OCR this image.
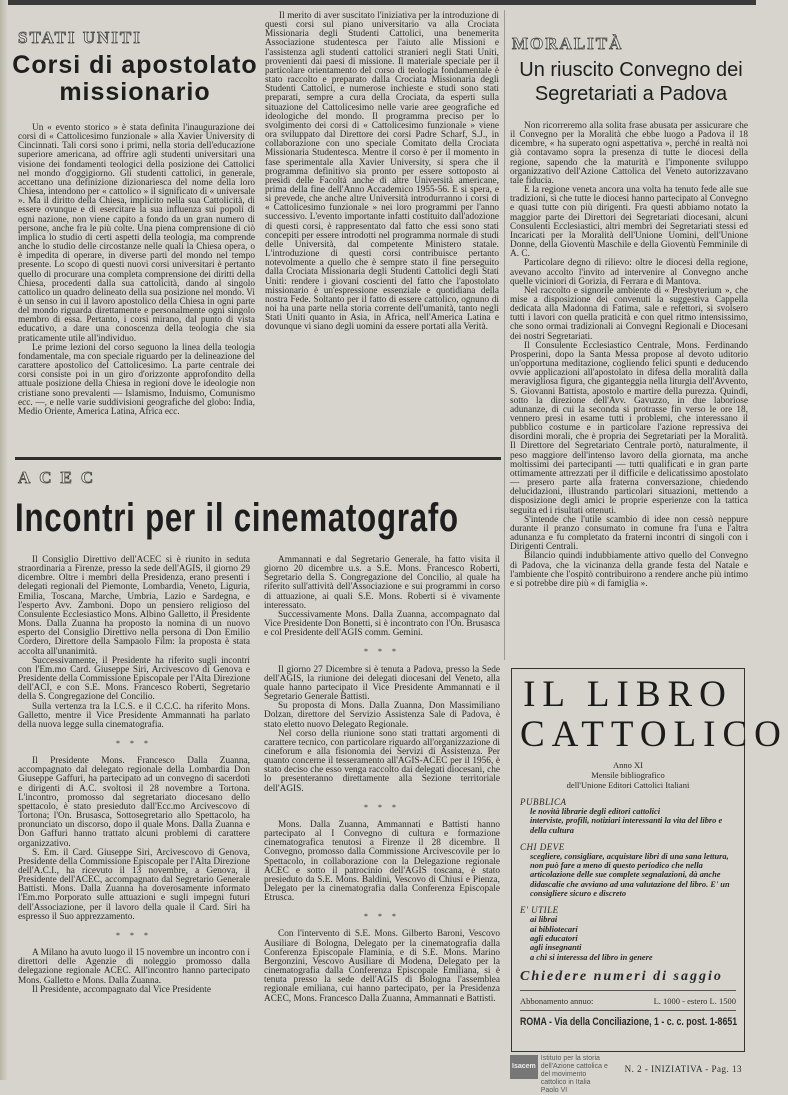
STATI UNITI
Corsi di apostolato
missionario

Un « evento storico » è stata definita l'inaugurazione dei corsi di « Cattolicesimo funzionale » alla Xavier University di Cincinnati. Tali corsi sono i primi, nella storia dell'educazione superiore americana, ad offrire agli studenti universitari una visione dei fondamenti teologici della posizione dei Cattolici nel mondo d'oggigiorno. Gli studenti cattolici, in generale, accettano una definizione dizionariesca del nome della loro Chiesa, intendono per « cattolico » il significato di « universale ». Ma il diritto della Chiesa, implicito nella sua Cattolicità, di essere ovunque e di esercitare la sua influenza sui popoli di ogni nazione, non viene capito a fondo da un gran numero di persone, anche fra le più colte. Una piena comprensione di ciò implica lo studio di certi aspetti della teologia, ma comprende anche lo studio delle circostanze nelle quali la Chiesa opera, o è impedita di operare, in diverse parti del mondo nel tempo presente. Lo scopo di questi nuovi corsi universitari è pertanto quello di procurare una completa comprensione dei diritti della Chiesa, procedenti dalla sua cattolicità, dando al singolo cattolico un quadro delineato della sua posizione nel mondo. Vi è un senso in cui il lavoro apostolico della Chiesa in ogni parte del mondo riguarda direttamente e personalmente ogni singolo membro di essa. Pertanto, i corsi mirano, dal punto di vista educativo, a dare una conoscenza della teologia che sia praticamente utile all'individuo.

Le prime lezioni del corso seguono la linea della teologia fondamentale, ma con speciale riguardo per la delineazione del carattere apostolico del Cattolicesimo. La parte centrale dei corsi consiste poi in un giro d'orizzonte approfondito della attuale posizione della Chiesa in regioni dove le ideologie non cristiane sono prevalenti — Islamismo, Induismo, Comunismo ecc. —, e nelle varie suddivisioni geografiche del globo: India, Medio Oriente, America Latina, Africa ecc.

Il merito di aver suscitato l'iniziativa per la introduzione di questi corsi sul piano universitario va alla Crociata Missionaria degli Studenti Cattolici, una benemerita Associazione studentesca per l'aiuto alle Missioni e l'assistenza agli studenti cattolici stranieri negli Stati Uniti, provenienti dai paesi di missione. Il materiale speciale per il particolare orientamento del corso di teologia fondamentale è stato raccolto e preparato dalla Crociata Missionaria degli Studenti Cattolici, e numerose inchieste e studi sono stati preparati, sempre a cura della Crociata, da esperti sulla situazione del Cattolicesimo nelle varie aree geografiche ed ideologiche del mondo. Il programma preciso per lo svolgimento dei corsi di « Cattolicesimo funzionale » viene ora sviluppato dal Direttore dei corsi Padre Scharf, S.J., in collaborazione con uno speciale Comitato della Crociata Missionaria Studentesca. Mentre il corso è per il momento in fase sperimentale alla Xavier University, si spera che il programma definitivo sia pronto per essere sottoposto ai presidi delle Facoltà anche di altre Università americane, prima della fine dell'Anno Accademico 1955-56. E si spera, e si prevede, che anche altre Università introdurranno i corsi di « Cattolicesimo funzionale » nei loro programmi per l'anno successivo. L'evento importante infatti costituito dall'adozione di questi corsi, è rappresentato dal fatto che essi sono stati concepiti per essere introdotti nel programma normale di studi delle Università, dal competente Ministero statale. L'introduzione di questi corsi contribuisce pertanto notevolmente a quello che è sempre stato il fine perseguito dalla Crociata Missionaria degli Studenti Cattolici degli Stati Uniti: rendere i giovani coscienti del fatto che l'apostolato missionario è un'espressione essenziale e quotidiana della nostra Fede. Soltanto per il fatto di essere cattolico, ognuno di noi ha una parte nella storia corrente dell'umanità, tanto negli Stati Uniti quanto in Asia, in Africa, nell'America Latina e dovunque vi siano degli uomini da essere portati alla Verità.

MORALITÀ
Un riuscito Convegno dei
Segretariati a Padova

Non ricorreremo alla solita frase abusata per assicurare che il Convegno per la Moralità che ebbe luogo a Padova il 18 dicembre, « ha superato ogni aspettativa », perché in realtà noi già contavamo sopra la presenza di tutte le diocesi della regione, sapendo che la maturità e l'imponente sviluppo organizzativo dell'Azione Cattolica del Veneto autorizzavano tale fiducia.

E la regione veneta ancora una volta ha tenuto fede alle sue tradizioni, sì che tutte le diocesi hanno partecipato al Convegno e quasi tutte con più dirigenti. Fra questi abbiamo notato la maggior parte dei Direttori dei Segretariati diocesani, alcuni Consulenti Ecclesiastici, altri membri dei Segretariati stessi ed Incaricati per la Moralità dell'Unione Uomini, dell'Unione Donne, della Gioventù Maschile e della Gioventù Femminile di A. C.

Particolare degno di rilievo: oltre le diocesi della regione, avevano accolto l'invito ad intervenire al Convegno anche quelle viciniori di Gorizia, di Ferrara e di Mantova.

Nel raccolto e signorile ambiente di « Presbyterium », che mise a disposizione dei convenuti la suggestiva Cappella dedicata alla Madonna di Fatima, sale e refettori, si svolsero tutti i lavori con quella praticità e con quel ritmo intensissimo, che sono ormai tradizionali ai Convegni Regionali e Diocesani dei nostri Segretariati.

Il Consulente Ecclesiastico Centrale, Mons. Ferdinando Prosperini, dopo la Santa Messa propose al devoto uditorio un'opportuna meditazione, cogliendo felici spunti e deducendo ovvie applicazioni all'apostolato in difesa della moralità dalla meravigliosa figura, che giganteggia nella liturgia dell'Avvento, S. Giovanni Battista, apostolo e martire della purezza. Quindi, sotto la direzione dell'Avv. Gavuzzo, in due laboriose adunanze, di cui la seconda si protrasse fin verso le ore 18, vennero presi in esame tutti i problemi, che interessano il pubblico costume e in particolare l'azione repressiva dei disordini morali, che è propria dei Segretariati per la Moralità. Il Direttore del Segretariato Centrale portò, naturalmente, il peso maggiore dell'intenso lavoro della giornata, ma anche moltissimi dei partecipanti — tutti qualificati e in gran parte ottimamente attrezzati per il difficile e delicatissimo apostolato — presero parte alla fraterna conversazione, chiedendo delucidazioni, illustrando particolari situazioni, mettendo a disposizione degli amici le proprie esperienze con la tattica seguita ed i risultati ottenuti.

S'intende che l'utile scambio di idee non cessò neppure durante il pranzo consumato in comune fra l'una e l'altra adunanza e fu completato da fraterni incontri di singoli con i Dirigenti Centrali.

Bilancio quindi indubbiamente attivo quello del Convegno di Padova, che la vicinanza della grande festa del Natale e l'ambiente che l'ospitò contribuirono a rendere anche più intimo e si potrebbe dire più « di famiglia ».

ACEC
Incontri per il cinematografo

Il Consiglio Direttivo dell'ACEC si è riunito in seduta straordinaria a Firenze, presso la sede dell'AGIS, il giorno 29 dicembre. Oltre i membri della Presidenza, erano presenti i delegati regionali del Piemonte, Lombardia, Veneto, Liguria, Emilia, Toscana, Marche, Umbria, Lazio e Sardegna, e l'esperto Avv. Zamboni. Dopo un pensiero religioso del Consulente Ecclesiastico Mons. Albino Galletto, il Presidente Mons. Dalla Zuanna ha proposto la nomina di un nuovo esperto del Consiglio Direttivo nella persona di Don Emilio Cordero, Direttore della Sampaolo Film: la proposta è stata accolta all'unanimità.

Successivamente, il Presidente ha riferito sugli incontri con l'Em.mo Card. Giuseppe Siri, Arcivescovo di Genova e Presidente della Commissione Episcopale per l'Alta Direzione dell'ACI, e con S.E. Mons. Francesco Roberti, Segretario della S. Congregazione del Concilio.

Sulla vertenza tra la I.C.S. e il C.C.C. ha riferito Mons. Galletto, mentre il Vice Presidente Ammannati ha parlato della nuova legge sulla cinematografia.

* * *

Il Presidente Mons. Francesco Dalla Zuanna, accompagnato dal delegato regionale della Lombardia Don Giuseppe Gaffuri, ha partecipato ad un convegno di sacerdoti e dirigenti di A.C. svoltosi il 28 novembre a Tortona. L'incontro, promosso dal segretariato diocesano dello spettacolo, è stato presieduto dall'Ecc.mo Arcivescovo di Tortona; l'On. Brusasca, Sottosegretario allo Spettacolo, ha pronunciato un discorso, dopo il quale Mons. Dalla Zuanna e Don Gaffuri hanno trattato alcuni problemi di carattere organizzativo.

S. Em. il Card. Giuseppe Siri, Arcivescovo di Genova, Presidente della Commissione Episcopale per l'Alta Direzione dell'A.C.I., ha ricevuto il 13 novembre, a Genova, il Presidente dell'ACEC, accompagnato dal Segretario Generale Battisti. Mons. Dalla Zuanna ha doverosamente informato l'Em.mo Porporato sulle attuazioni e sugli impegni futuri dell'Associazione, per il lavoro della quale il Card. Siri ha espresso il Suo apprezzamento.

* * *

A Milano ha avuto luogo il 15 novembre un incontro con i direttori delle Agenzie di noleggio promosso dalla delegazione regionale ACEC. All'incontro hanno partecipato Mons. Galletto e Mons. Dalla Zuanna.

Il Presidente, accompagnato dal Vice Presidente

Ammannati e dal Segretario Generale, ha fatto visita il giorno 20 dicembre u.s. a S.E. Mons. Francesco Roberti, Segretario della S. Congregazione del Concilio, al quale ha riferito sull'attività dell'Associazione e sui programmi in corso di attuazione, ai quali S.E. Mons. Roberti si è vivamente interessato.

Successivamente Mons. Dalla Zuanna, accompagnato dal Vice Presidente Don Bonetti, si è incontrato con l'On. Brusasca e col Presidente dell'AGIS comm. Gemini.

* * *

Il giorno 27 Dicembre si è tenuta a Padova, presso la Sede dell'AGIS, la riunione dei delegati diocesani del Veneto, alla quale hanno partecipato il Vice Presidente Ammannati e il Segretario Generale Battisti.

Su proposta di Mons. Dalla Zuanna, Don Massimiliano Dolzan, direttore del Servizio Assistenza Sale di Padova, è stato eletto nuovo Delegato Regionale.

Nel corso della riunione sono stati trattati argomenti di carattere tecnico, con particolare riguardo all'organizzazione di cineforum e alla fisionomia dei Servizi di Assistenza. Per quanto concerne il tesseramento all'AGIS-ACEC per il 1956, è stato deciso che esso venga raccolto dai delegati diocesani, che lo presenteranno direttamente alla Sezione territoriale dell'AGIS.

* * *

Mons. Dalla Zuanna, Ammannati e Battisti hanno partecipato al I Convegno di cultura e formazione cinematografica tenutosi a Firenze il 28 dicembre. Il Convegno, promosso dalla Commissione Arcivescovile per lo Spettacolo, in collaborazione con la Delegazione regionale ACEC e sotto il patrocinio dell'AGIS toscana, è stato presieduto da S.E. Mons. Baldini, Vescovo di Chiusi e Pienza, Delegato per la cinematografia dalla Conferenza Episcopale Etrusca.

* * *

Con l'intervento di S.E. Mons. Gilberto Baroni, Vescovo Ausiliare di Bologna, Delegato per la cinematografia dalla Conferenza Episcopale Flaminia, e di S.E. Mons. Marino Bergonzini, Vescovo Ausiliare di Modena, Delegato per la cinematografia dalla Conferenza Episcopale Emiliana, si è tenuta presso la sede dell'AGIS di Bologna l'assemblea regionale emiliana, cui hanno partecipato, per la Presidenza ACEC, Mons. Francesco Dalla Zuanna, Ammannati e Battisti.

IL LIBRO
CATTOLICO
Anno XI
Mensile bibliografico
dell'Unione Editori Cattolici Italiani
PUBBLICA
le novità librarie degli editori cattolici
interviste, profili, notiziari interessanti la vita del libro e della cultura
CHI DEVE
scegliere, consigliare, acquistare libri di una sana lettura, non può fare a meno di questo periodico che nella articolazione delle sue complete segnalazioni, dà anche didascalie che avviano ad una valutazione del libro. E' un consigliere sicuro e discreto
E' UTILE
ai librai
ai bibliotecari
agli educatori
agli insegnanti
a chi si interessa del libro in genere
Chiedere numeri di saggio
Abbonamento annuo:	L. 1000 - estero L. 1500
ROMA - Via della Conciliazione, 1 - c. c. post. 1-8651
Isacem
Istituto per la storia dell'Azione cattolica e del movimento cattolico in Italia Paolo VI
N. 2 - INIZIATIVA - Pag. 13
